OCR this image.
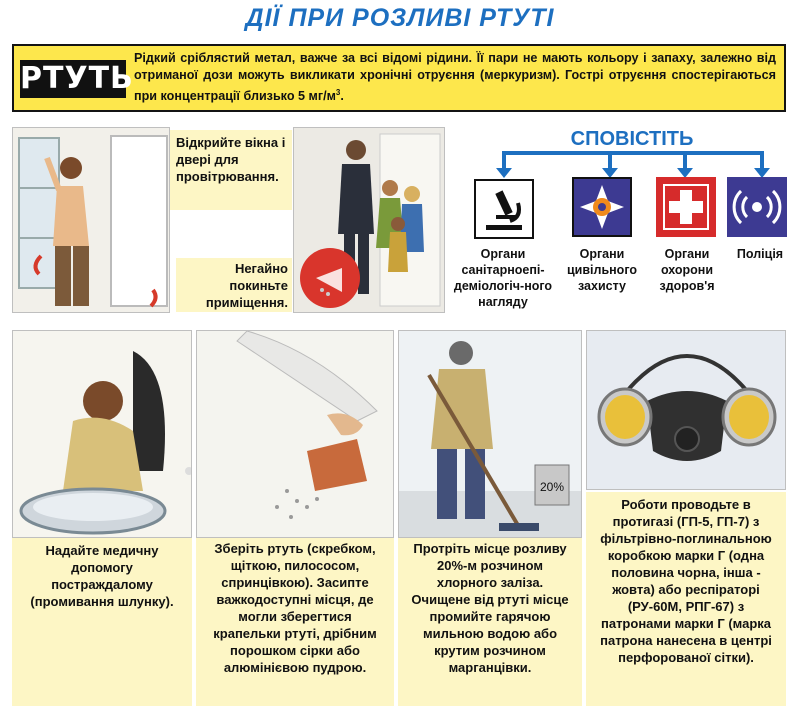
ДІЇ ПРИ РОЗЛИВІ РТУТІ
РТУТЬ
Рідкий сріблястий метал, важче за всі відомі рідини. Її пари не мають кольору і запаху, залежно від отриманої дози можуть викликати хронічні отруєння (меркуризм). Гострі отруєння спостерігаються при концентрації близько 5 $мг/м^3$.
Відкрийте вікна і двері для провітрювання.
Негайно покиньте приміщення.
СПОВІСТІТЬ
Органи санітарноепі-деміологіч-ного нагляду
Органи цивільного захисту
Органи охорони здоров'я
Поліція
Надайте медичну допомогу постраждалому (промивання шлунку).
Зберіть ртуть (скребком, щіткою, пилососом, спринцівкою). Засипте важкодоступні місця, де могли зберегтися крапельки ртуті, дрібним порошком сірки або алюмінієвою пудрою.
20%
Протріть місце розливу 20%-м розчином хлорного заліза. Очищене від ртуті місце промийте гарячою мильною водою або крутим розчином марганцівки.
Роботи проводьте в протигазі (ГП-5, ГП-7) з фільтрівно-поглинальною коробкою марки Г (одна половина чорна, інша - жовта) або респіраторі (РУ-60М, РПГ-67) з патронами марки Г (марка патрона нанесена в центрі перфорованої сітки).
